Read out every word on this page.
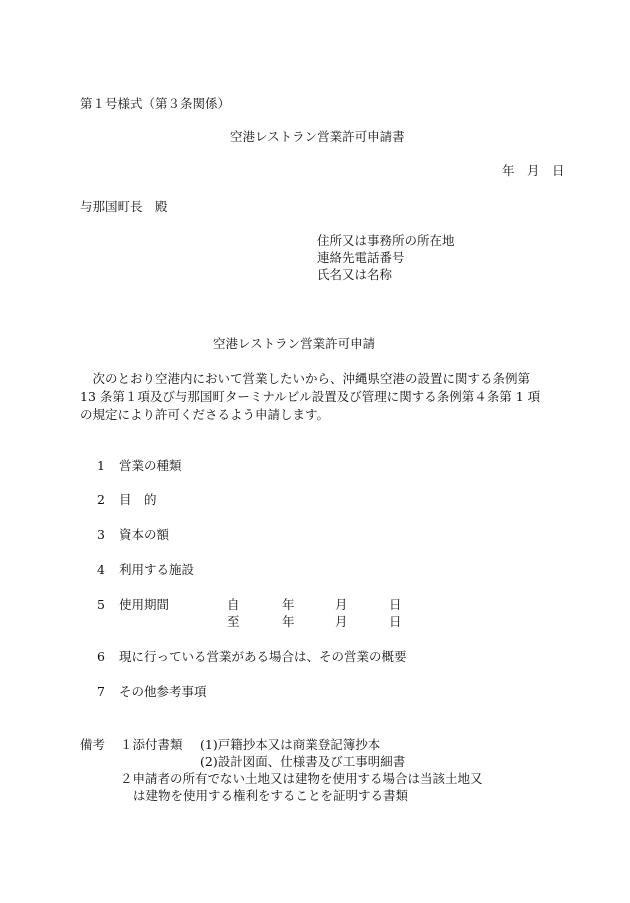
第１号様式（第３条関係）
空港レストラン営業許可申請書
年　月　日
与那国町長　殿
住所又は事務所の所在地
連絡先電話番号
氏名又は名称
空港レストラン営業許可申請
　次のとおり空港内において営業したいから、沖縄県空港の設置に関する条例第
13 条第１項及び与那国町ターミナルビル設置及び管理に関する条例第４条第 1 項
の規定により許可くださるよう申請します。
1 営業の種類
2 目　的
3 資本の額
4 利用する施設
5 使用期間	自	年	月	日
至	年	月	日
6 現に行っている営業がある場合は、その営業の概要
7 その他参考事項
備考 １添付書類 (1)戸籍抄本又は商業登記簿抄本
(2)設計図面、仕様書及び工事明細書
２申請者の所有でない土地又は建物を使用する場合は当該土地又
は建物を使用する権利をすることを証明する書類
